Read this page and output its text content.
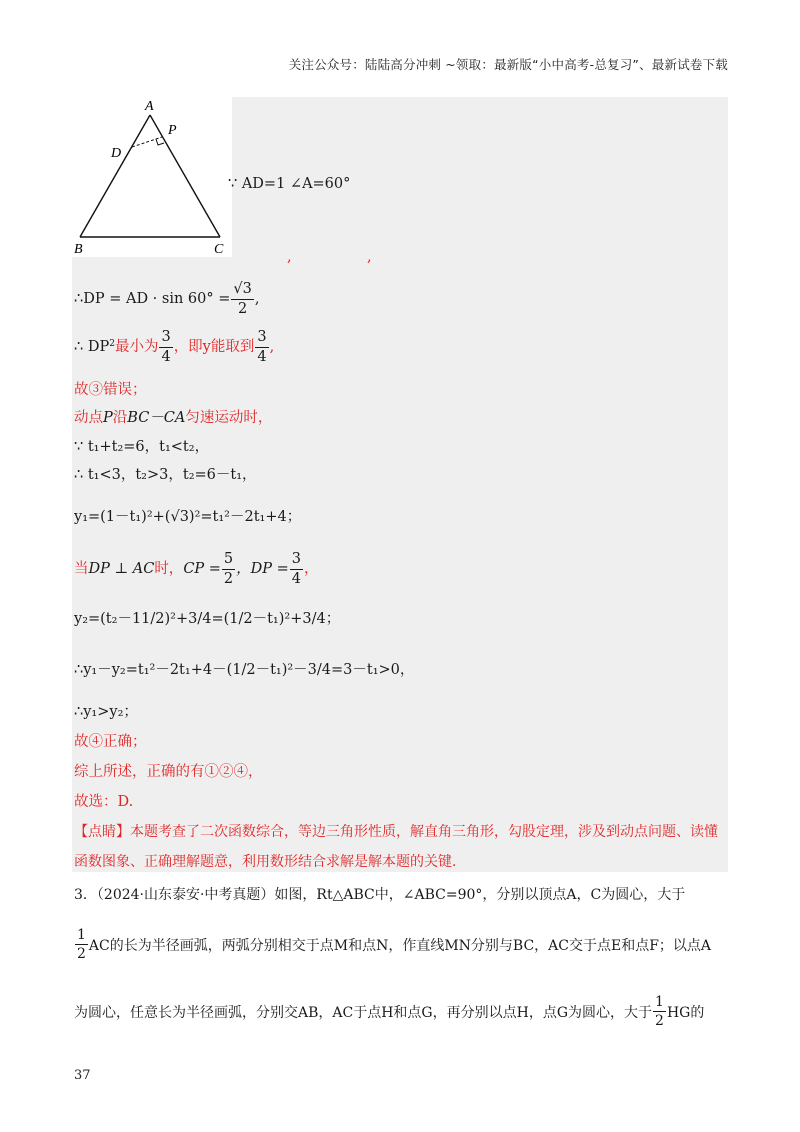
关注公众号：陆陆高分冲刺 ~领取：最新版“小中高考-总复习”、最新试卷下载
A
P
D
B	C
∵ AD=1 ∠A=60°
,	,
∴DP = AD · $\sin 60^\circ = \frac{√3}{2}$ ,
∴ $DP^2$ 最小为 $\frac{3}{4}$ ，即y能取到 $\frac{3}{4}$ ,
故③错误；
动点P沿BC－CA匀速运动时，
∵ t₁+t₂=6，t₁<t₂，
∴ t₁<3，t₂>3，t₂=6－t₁，
y₁=(1－t₁)²+(√3)²=t₁²－2t₁+4；
当 DP ⊥ AC 时， CP = $\frac{5}{2}$ ，DP = $\frac{3}{4}$ ，
y₂=(t₂－11/2)²+3/4=(1/2－t₁)²+3/4；
∴y₁－y₂=t₁²－2t₁+4－(1/2－t₁)²－3/4=3－t₁>0，
∴y₁>y₂；
故④正确；
综上所述，正确的有①②④，
故选：D.
【点睛】本题考查了二次函数综合，等边三角形性质，解直角三角形，勾股定理，涉及到动点问题、读懂
函数图象、正确理解题意，利用数形结合求解是解本题的关键.
3．（2024·山东泰安·中考真题）如图，Rt△ABC中，∠ABC=90°，分别以顶点A，C为圆心，大于
$\frac{1}{2}$ AC的长为半径画弧，两弧分别相交于点M和点N，作直线MN分别与BC，AC交于点E和点F；以点A
为圆心，任意长为半径画弧，分别交AB，AC于点H和点G，再分别以点H，点G为圆心，大于 $\frac{1}{2}$ HG的
37
